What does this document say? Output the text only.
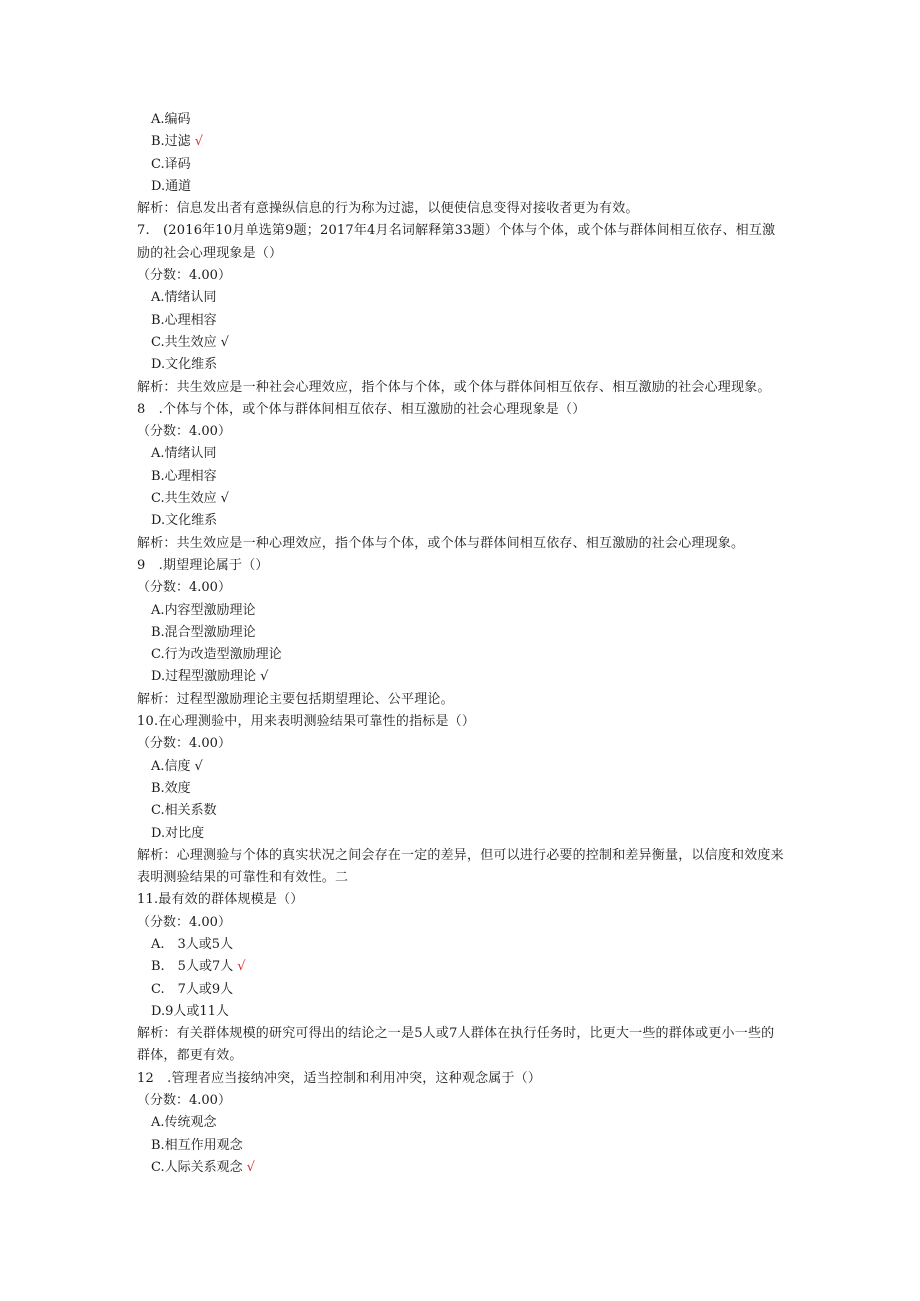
A.编码
B.过滤 √
C.译码
D.通道
解析：信息发出者有意操纵信息的行为称为过滤，以便使信息变得对接收者更为有效。
7.　(2016年10月单选第9题；2017年4月名词解释第33题）个体与个体，或个体与群体间相互依存、相互激励的社会心理现象是（）
（分数：4.00）
A.情绪认同
B.心理相容
C.共生效应 √
D.文化维系
解析：共生效应是一种社会心理效应，指个体与个体，或个体与群体间相互依存、相互激励的社会心理现象。
8　.个体与个体，或个体与群体间相互依存、相互激励的社会心理现象是（）
（分数：4.00）
A.情绪认同
B.心理相容
C.共生效应 √
D.文化维系
解析：共生效应是一种心理效应，指个体与个体，或个体与群体间相互依存、相互激励的社会心理现象。
9　.期望理论属于（）
（分数：4.00）
A.内容型激励理论
B.混合型激励理论
C.行为改造型激励理论
D.过程型激励理论 √
解析：过程型激励理论主要包括期望理论、公平理论。
10.在心理测验中，用来表明测验结果可靠性的指标是（）
（分数：4.00）
A.信度 √
B.效度
C.相关系数
D.对比度
解析：心理测验与个体的真实状况之间会存在一定的差异，但可以进行必要的控制和差异衡量，以信度和效度来表明测验结果的可靠性和有效性。二
11.最有效的群体规模是（）
（分数：4.00）
A.　3人或5人
B.　5人或7人 √
C.　7人或9人
D.9人或11人
解析：有关群体规模的研究可得出的结论之一是5人或7人群体在执行任务时，比更大一些的群体或更小一些的群体，都更有效。
12　.管理者应当接纳冲突，适当控制和利用冲突，这种观念属于（）
（分数：4.00）
A.传统观念
B.相互作用观念
C.人际关系观念 √
